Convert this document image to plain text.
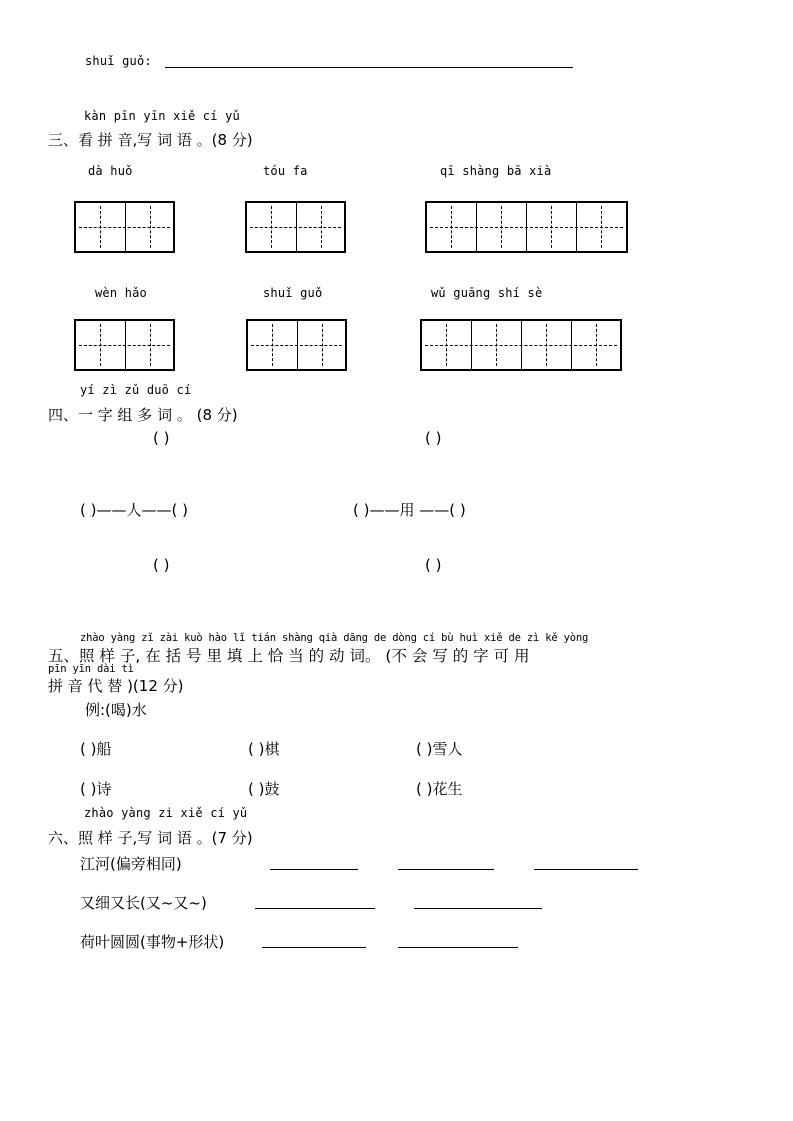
shuǐ guǒ:
kàn pīn yīn xiě cí yǔ
三、看 拼 音,写 词 语 。(8 分)
dà huǒ	tóu fa	qī shàng bā xià
wèn hǎo	shuǐ guǒ	wǔ guāng shí sè
yí zì zǔ duō cí
四、一 字 组 多 词 。 (8 分)
( )	( )
( )——人——( )	( )——用 ——( )
( )	( )
zhào yàng zǐ zài kuò hào lǐ tián shàng qià dāng de dòng cí bù huì xiě de zì kě yòng
五、照 样 子, 在 括 号 里 填 上 恰 当 的 动 词。 (不 会 写 的 字 可 用
pīn yīn dài tì
拼 音 代 替 )(12 分)
例:(喝)水
( )船	( )棋	( )雪人
( )诗	( )鼓	( )花生
zhào yàng zi xiě cí yǔ
六、照 样 子,写 词 语 。(7 分)
江河(偏旁相同)
又细又长(又~又~)
荷叶圆圆(事物+形状)
